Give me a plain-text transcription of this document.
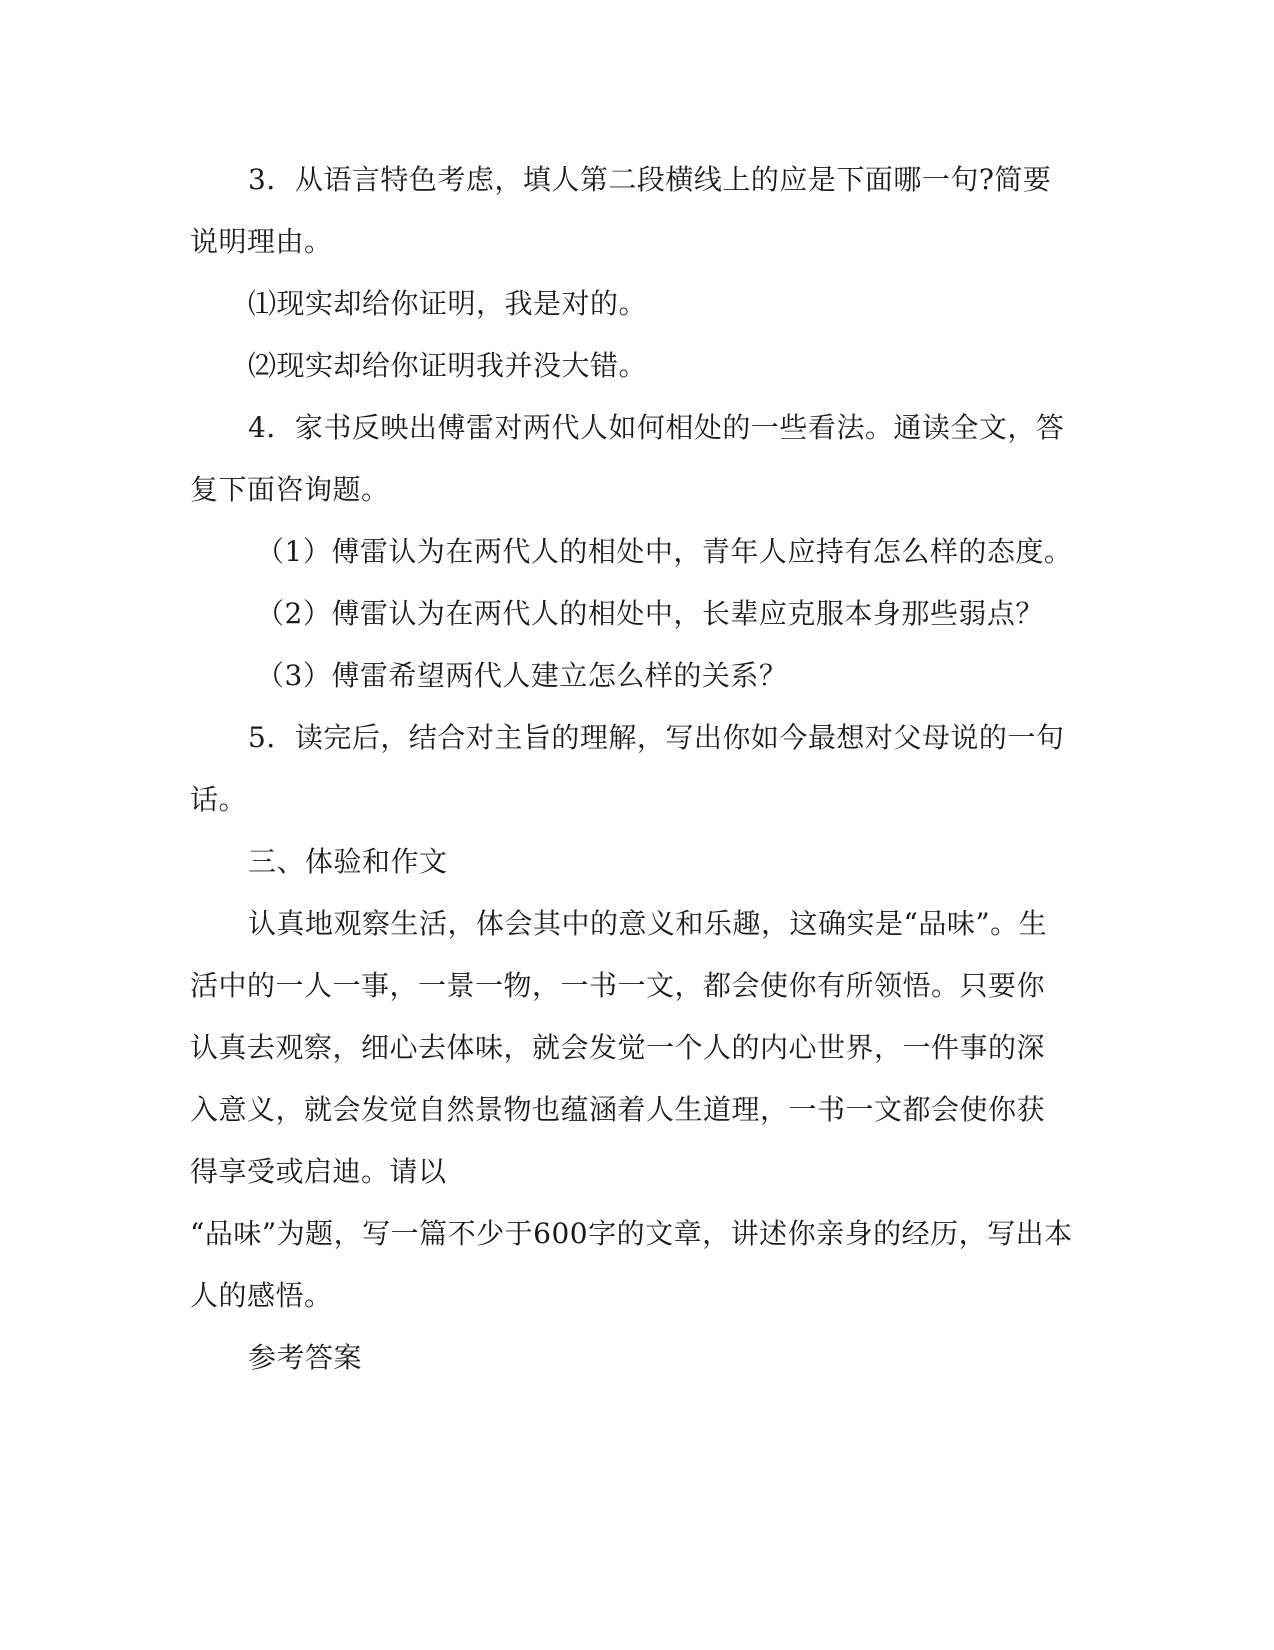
3．从语言特色考虑，填人第二段横线上的应是下面哪一句?简要
说明理由。
⑴现实却给你证明，我是对的。
⑵现实却给你证明我并没大错。
4．家书反映出傅雷对两代人如何相处的一些看法。通读全文，答
复下面咨询题。
（1）傅雷认为在两代人的相处中，青年人应持有怎么样的态度。
（2）傅雷认为在两代人的相处中，长辈应克服本身那些弱点？
（3）傅雷希望两代人建立怎么样的关系？
5．读完后，结合对主旨的理解，写出你如今最想对父母说的一句
话。
三、体验和作文
认真地观察生活，体会其中的意义和乐趣，这确实是“品味”。生
活中的一人一事，一景一物，一书一文，都会使你有所领悟。只要你
认真去观察，细心去体味，就会发觉一个人的内心世界，一件事的深
入意义，就会发觉自然景物也蕴涵着人生道理，一书一文都会使你获
得享受或启迪。请以
“品味”为题，写一篇不少于600字的文章，讲述你亲身的经历，写出本
人的感悟。
参考答案
